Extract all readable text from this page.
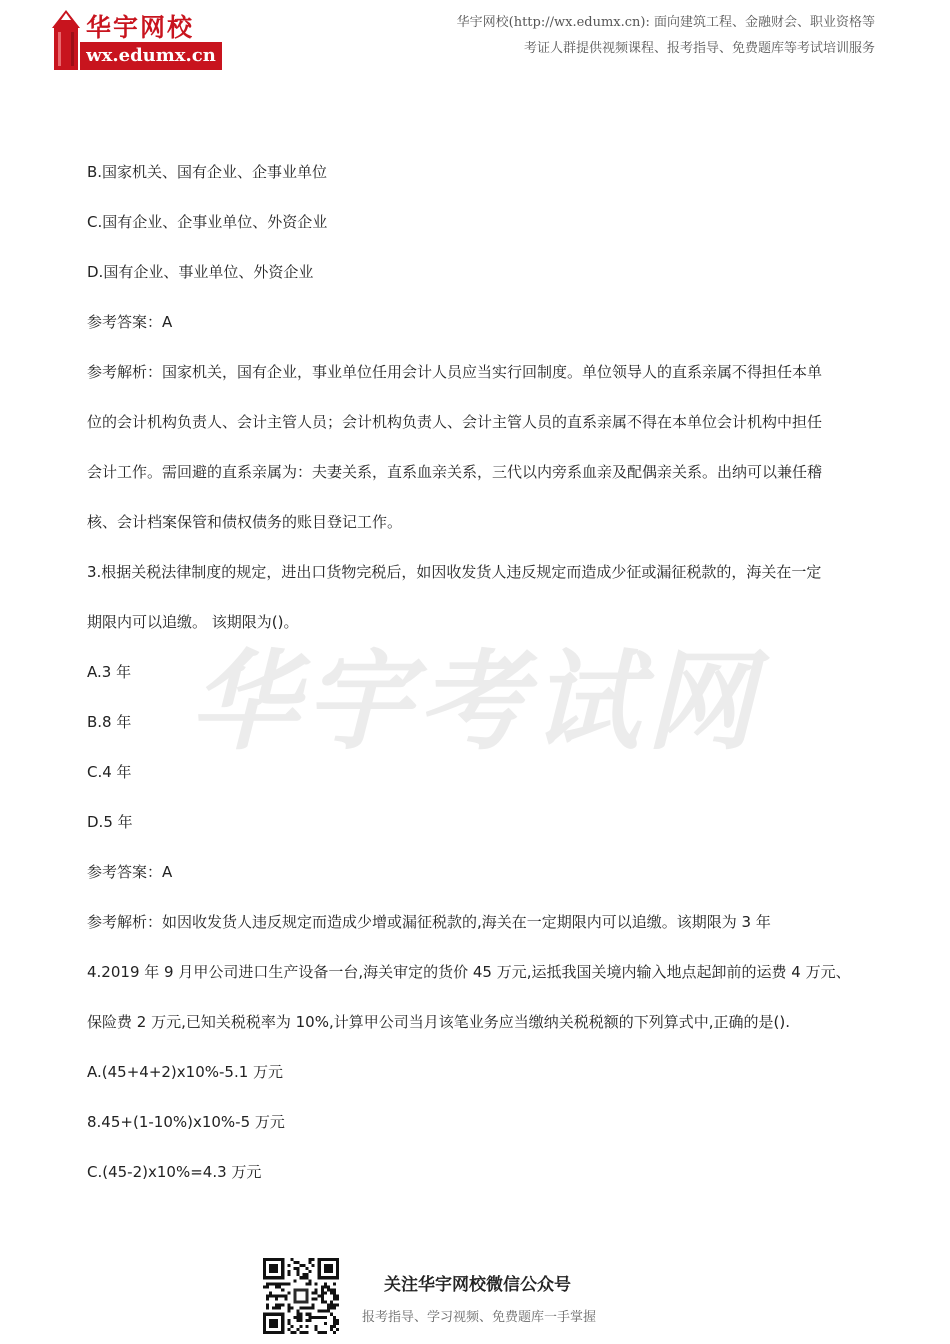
华宇网校
wx.edumx.cn
华宇网校(http://wx.edumx.cn): 面向建筑工程、金融财会、职业资格等
考证人群提供视频课程、报考指导、免费题库等考试培训服务
华宇考试网
B.国家机关、国有企业、企事业单位
C.国有企业、企事业单位、外资企业
D.国有企业、事业单位、外资企业
参考答案：A
参考解析：国家机关，国有企业，事业单位任用会计人员应当实行回制度。单位领导人的直系亲属不得担任本单
位的会计机构负责人、会计主管人员；会计机构负责人、会计主管人员的直系亲属不得在本单位会计机构中担任
会计工作。需回避的直系亲属为：夫妻关系，直系血亲关系，三代以内旁系血亲及配偶亲关系。出纳可以兼任稽
核、会计档案保管和债权债务的账目登记工作。
3.根据关税法律制度的规定，进出口货物完税后，如因收发货人违反规定而造成少征或漏征税款的，海关在一定
期限内可以追缴。 该期限为()。
A.3 年
B.8 年
C.4 年
D.5 年
参考答案：A
参考解析：如因收发货人违反规定而造成少增或漏征税款的,海关在一定期限内可以追缴。该期限为 3 年
4.2019 年 9 月甲公司进口生产设备一台,海关审定的货价 45 万元,运抵我国关境内输入地点起卸前的运费 4 万元、
保险费 2 万元,已知关税税率为 10%,计算甲公司当月该笔业务应当缴纳关税税额的下列算式中,正确的是().
A.(45+4+2)x10%-5.1 万元
8.45+(1-10%)x10%-5 万元
C.(45-2)x10%=4.3 万元
关注华宇网校微信公众号
报考指导、学习视频、免费题库一手掌握
